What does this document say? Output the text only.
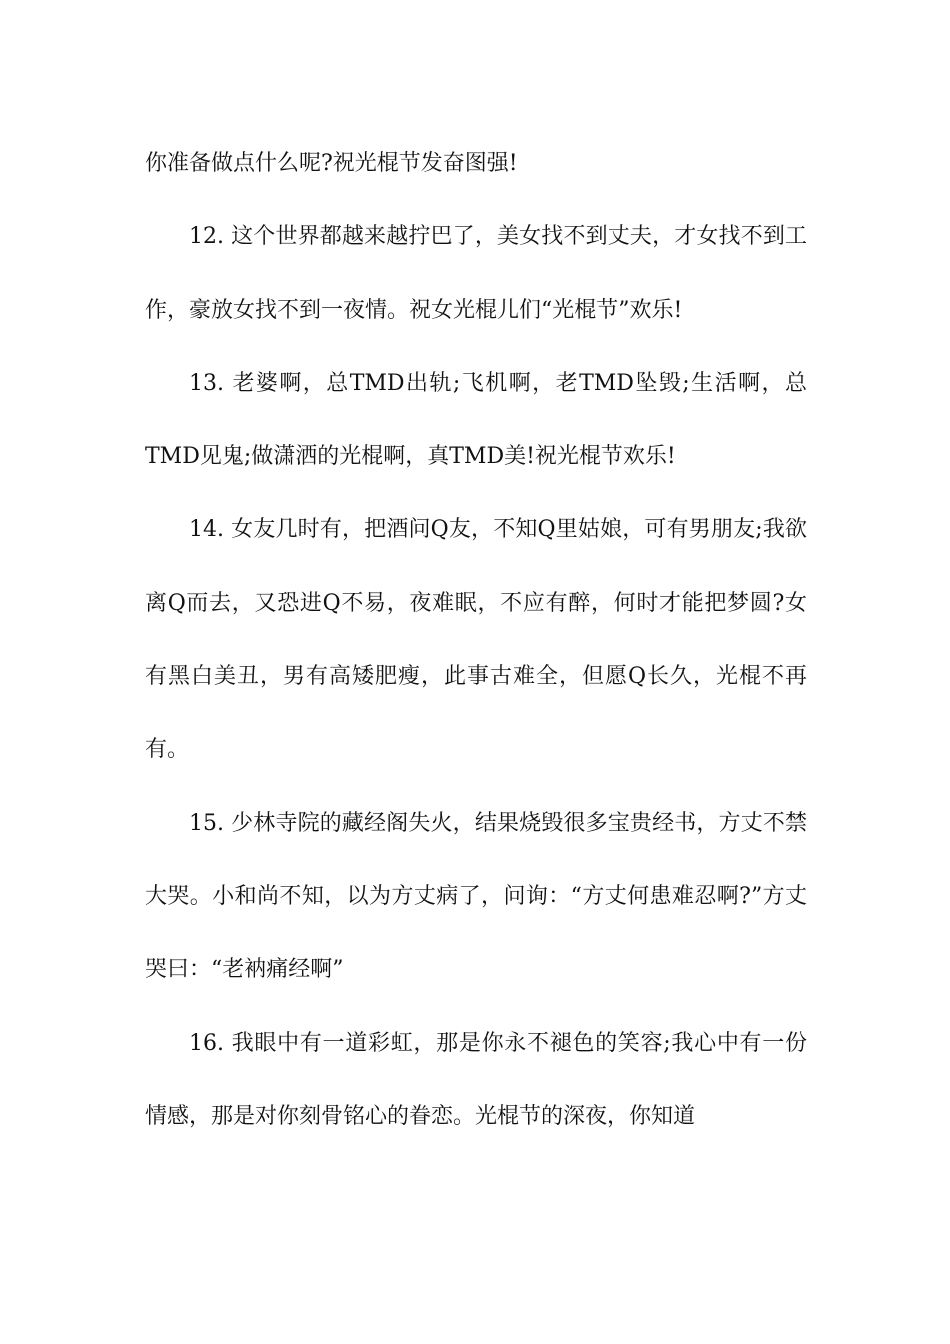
你准备做点什么呢?祝光棍节发奋图强!

12. 这个世界都越来越拧巴了，美女找不到丈夫，才女找不到工作，豪放女找不到一夜情。祝女光棍儿们“光棍节”欢乐!

13. 老婆啊，总TMD出轨;飞机啊，老TMD坠毁;生活啊，总TMD见鬼;做潇洒的光棍啊，真TMD美!祝光棍节欢乐!

14. 女友几时有，把酒问Q友，不知Q里姑娘，可有男朋友;我欲离Q而去，又恐进Q不易，夜难眠，不应有醉，何时才能把梦圆?女有黑白美丑，男有高矮肥瘦，此事古难全，但愿Q长久，光棍不再有。

15. 少林寺院的藏经阁失火，结果烧毁很多宝贵经书，方丈不禁大哭。小和尚不知，以为方丈病了，问询：“方丈何患难忍啊?”方丈哭曰：“老衲痛经啊”

16. 我眼中有一道彩虹，那是你永不褪色的笑容;我心中有一份情感，那是对你刻骨铭心的眷恋。光棍节的深夜，你知道
